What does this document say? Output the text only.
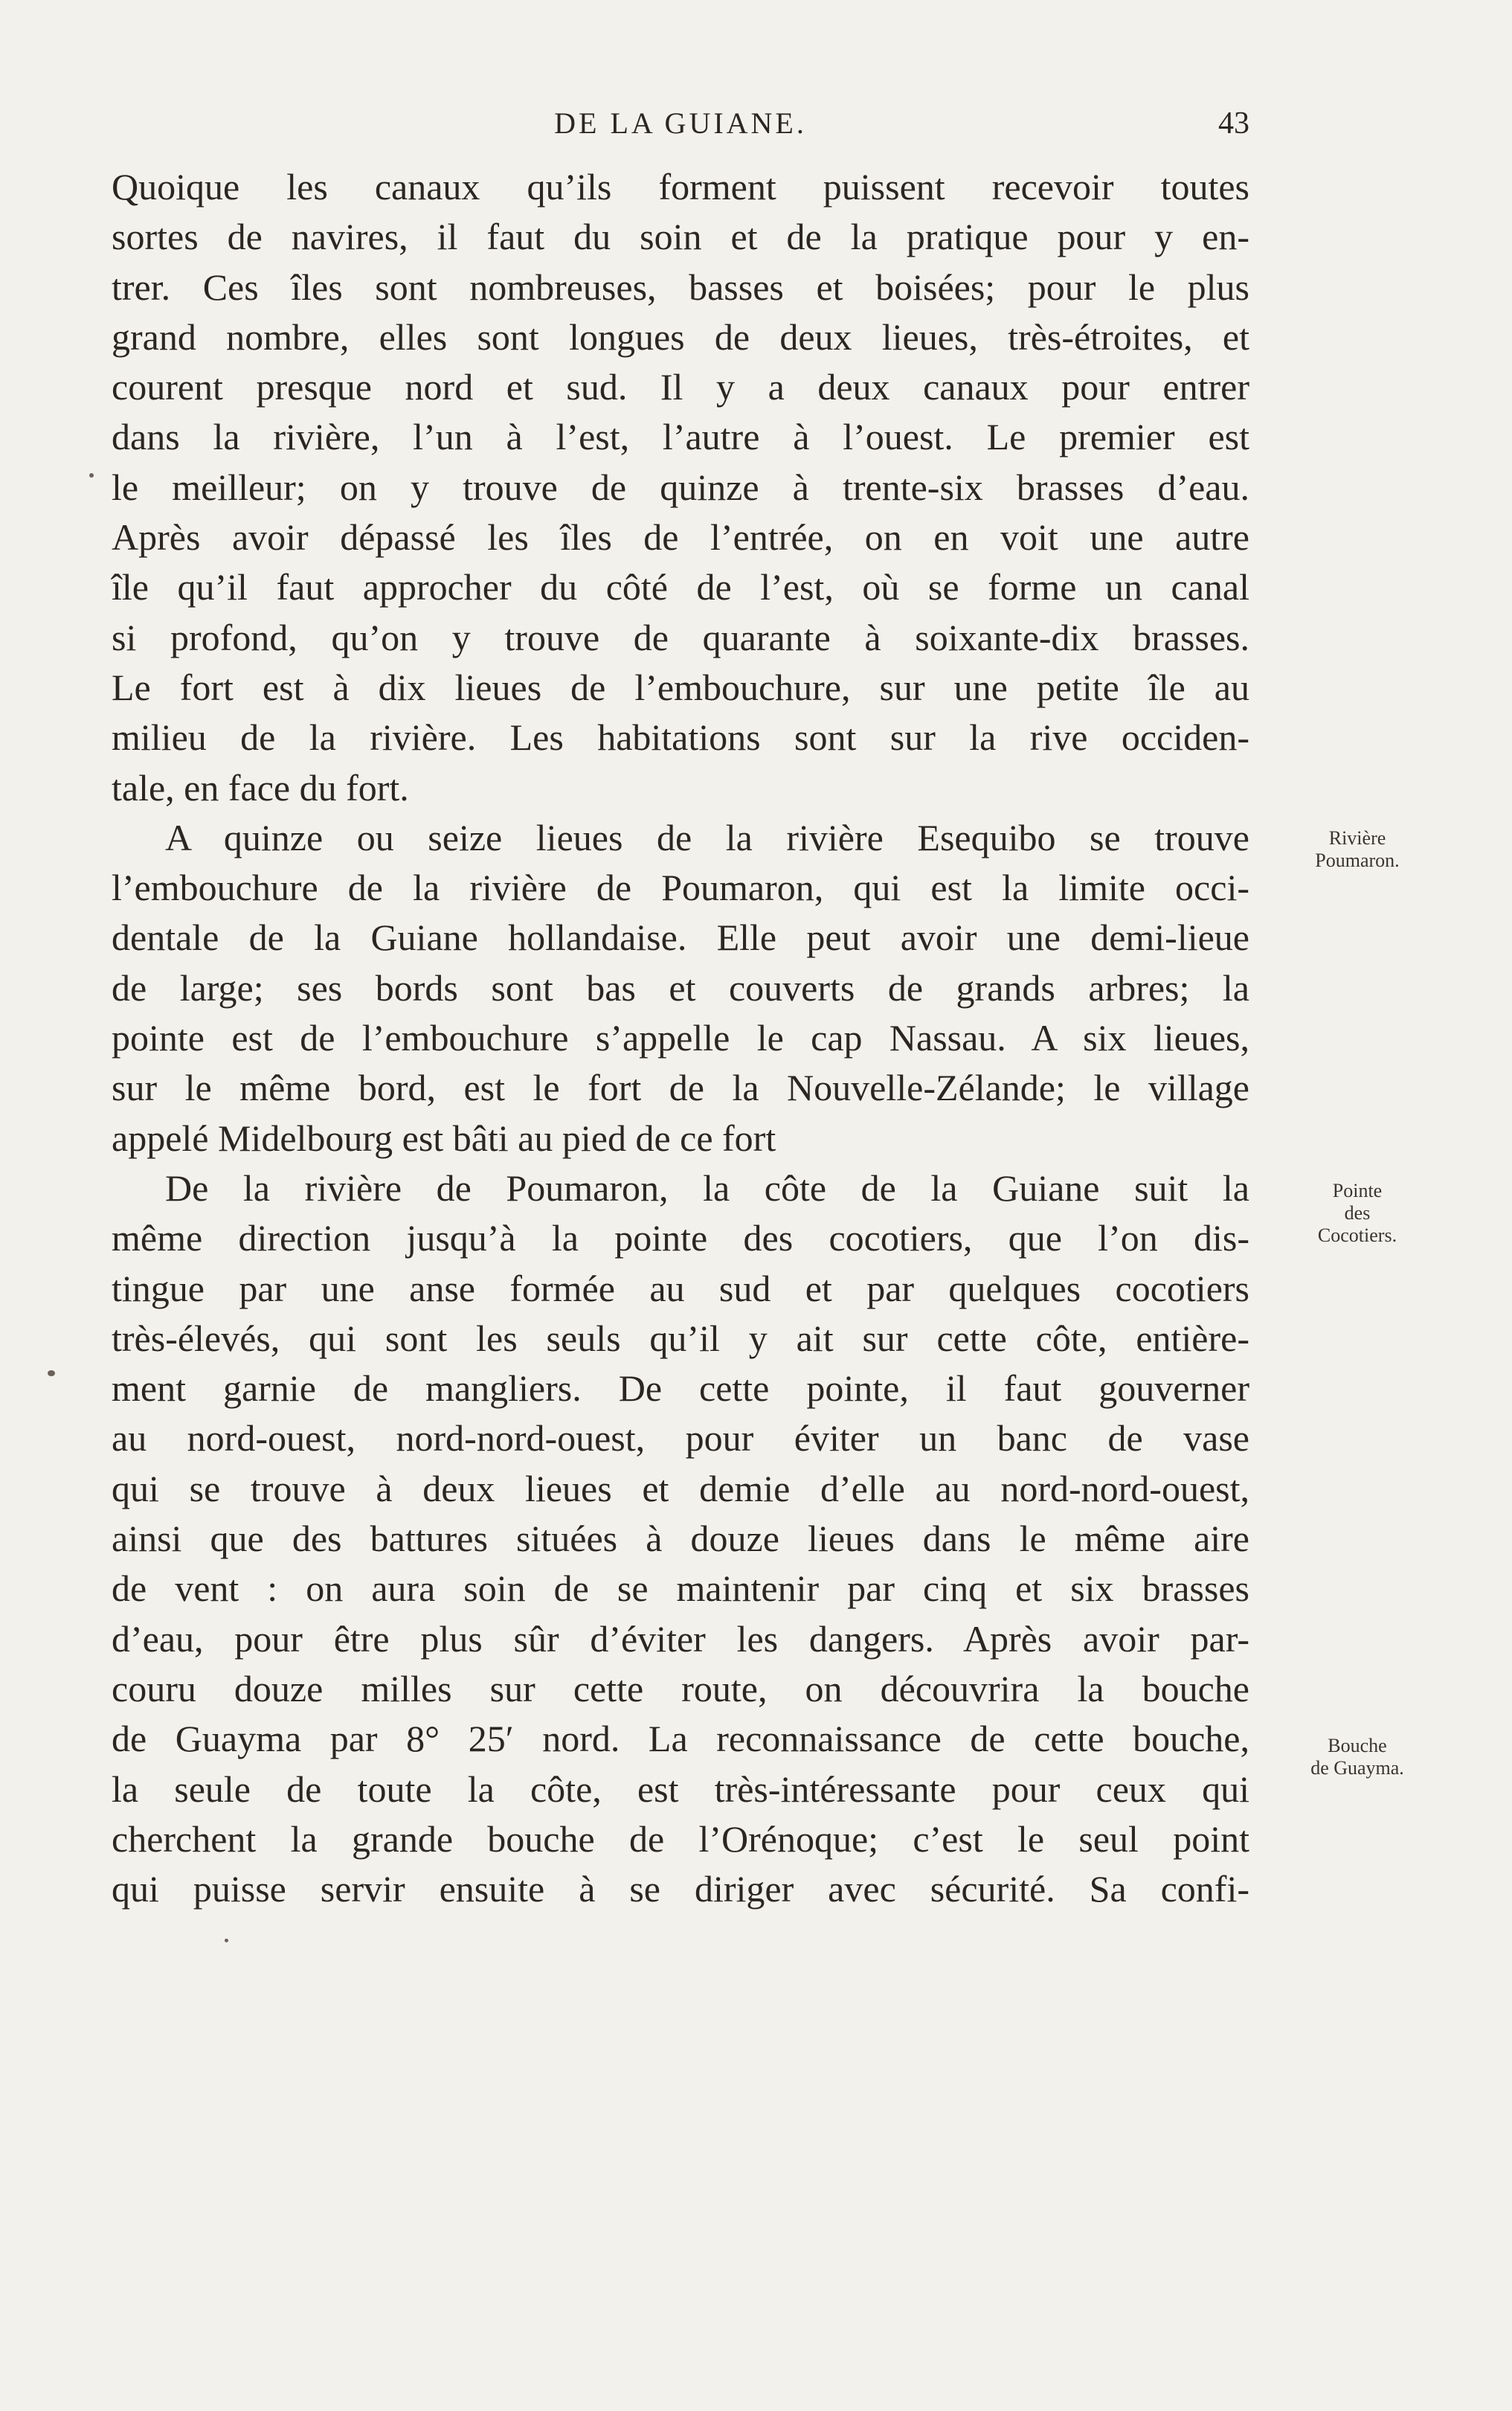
DE LA GUIANE.	43
Quoique les canaux qu’ils forment puissent recevoir toutes
sortes de navires, il faut du soin et de la pratique pour y en-
trer. Ces îles sont nombreuses, basses et boisées; pour le plus
grand nombre, elles sont longues de deux lieues, très-étroites, et
courent presque nord et sud. Il y a deux canaux pour entrer
dans la rivière, l’un à l’est, l’autre à l’ouest. Le premier est
le meilleur; on y trouve de quinze à trente-six brasses d’eau.
Après avoir dépassé les îles de l’entrée, on en voit une autre
île qu’il faut approcher du côté de l’est, où se forme un canal
si profond, qu’on y trouve de quarante à soixante-dix brasses.
Le fort est à dix lieues de l’embouchure, sur une petite île au
milieu de la rivière. Les habitations sont sur la rive occiden-
tale, en face du fort.
A quinze ou seize lieues de la rivière Esequibo se trouve
l’embouchure de la rivière de Poumaron, qui est la limite occi-
dentale de la Guiane hollandaise. Elle peut avoir une demi-lieue
de large; ses bords sont bas et couverts de grands arbres; la
pointe est de l’embouchure s’appelle le cap Nassau. A six lieues,
sur le même bord, est le fort de la Nouvelle-Zélande; le village
appelé Midelbourg est bâti au pied de ce fort
De la rivière de Poumaron, la côte de la Guiane suit la
même direction jusqu’à la pointe des cocotiers, que l’on dis-
tingue par une anse formée au sud et par quelques cocotiers
très-élevés, qui sont les seuls qu’il y ait sur cette côte, entière-
ment garnie de mangliers. De cette pointe, il faut gouverner
au nord-ouest, nord-nord-ouest, pour éviter un banc de vase
qui se trouve à deux lieues et demie d’elle au nord-nord-ouest,
ainsi que des battures situées à douze lieues dans le même aire
de vent : on aura soin de se maintenir par cinq et six brasses
d’eau, pour être plus sûr d’éviter les dangers. Après avoir par-
couru douze milles sur cette route, on découvrira la bouche
de Guayma par 8° 25′ nord. La reconnaissance de cette bouche,
la seule de toute la côte, est très-intéressante pour ceux qui
cherchent la grande bouche de l’Orénoque; c’est le seul point
qui puisse servir ensuite à se diriger avec sécurité. Sa confi-
Rivière
Poumaron.
Pointe
des
Cocotiers.
Bouche
de Guayma.
